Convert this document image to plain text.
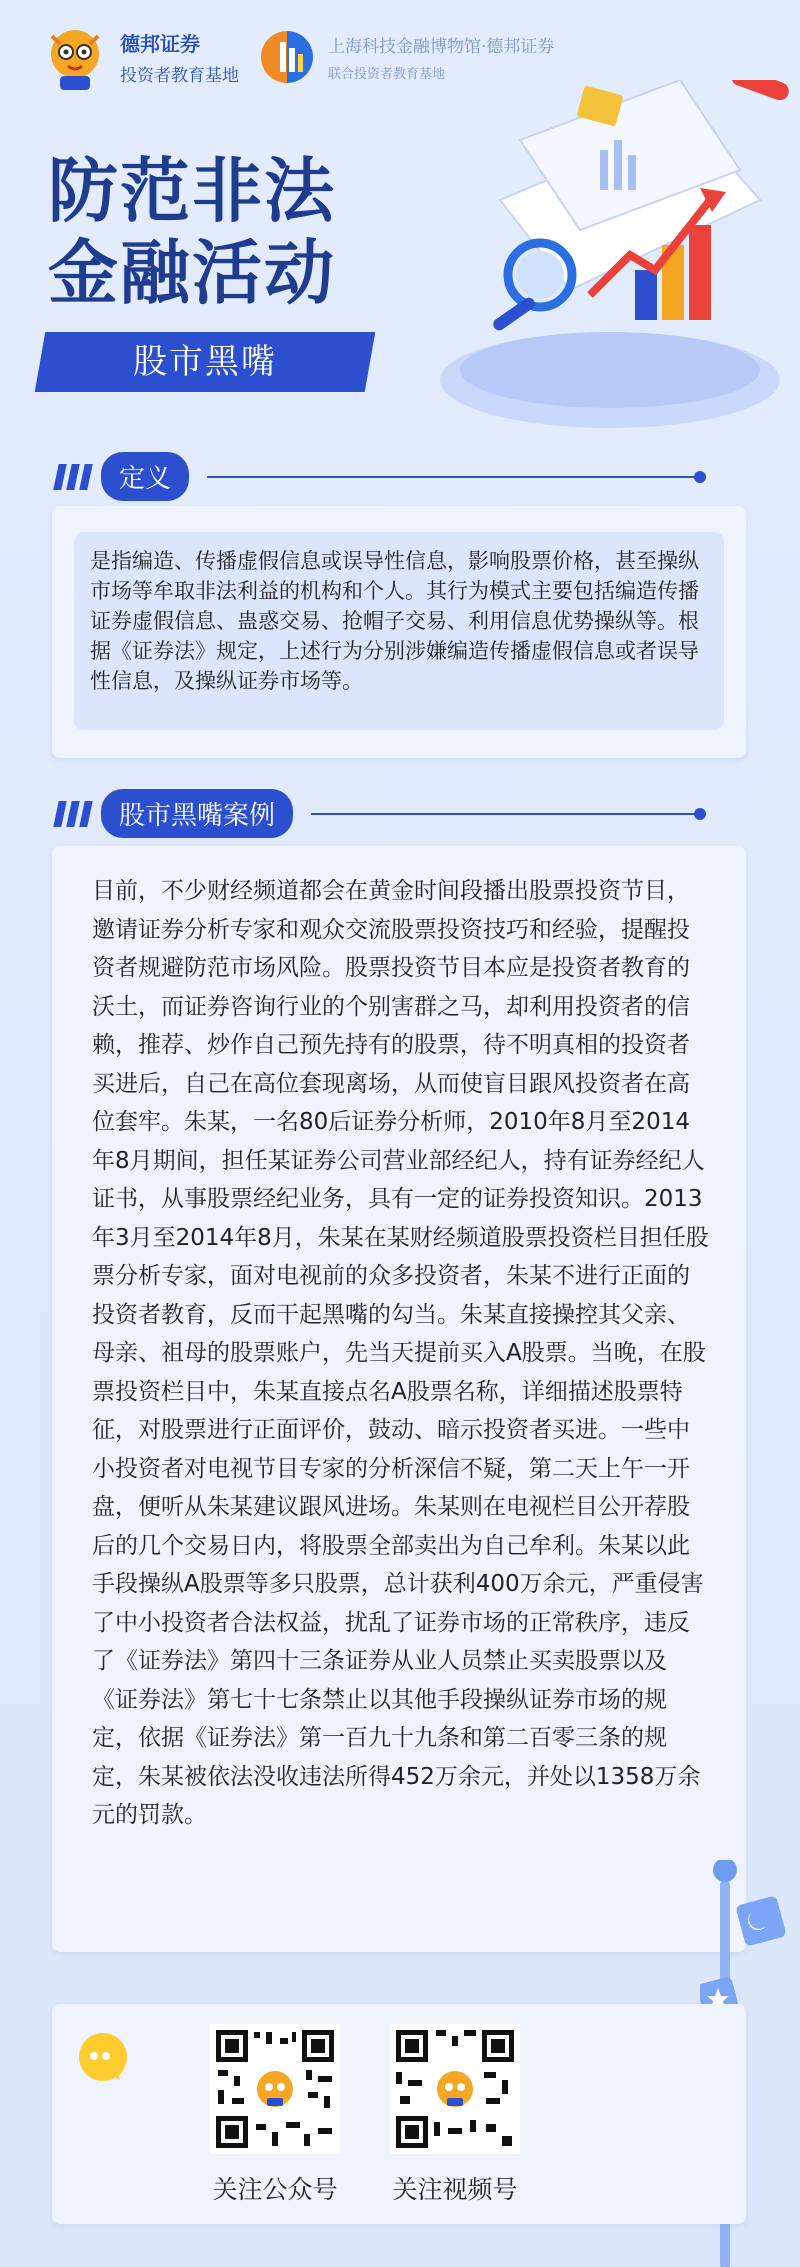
德邦证券
投资者教育基地
上海科技金融博物馆·德邦证券
联合投资者教育基地
防范非法
金融活动
股市黑嘴
定义
是指编造、传播虚假信息或误导性信息，影响股票价格，甚至操纵市场等牟取非法利益的机构和个人。其行为模式主要包括编造传播证券虚假信息、蛊惑交易、抢帽子交易、利用信息优势操纵等。根据《证券法》规定，上述行为分别涉嫌编造传播虚假信息或者误导性信息，及操纵证券市场等。
股市黑嘴案例
目前，不少财经频道都会在黄金时间段播出股票投资节目，邀请证券分析专家和观众交流股票投资技巧和经验，提醒投资者规避防范市场风险。股票投资节目本应是投资者教育的沃土，而证券咨询行业的个别害群之马，却利用投资者的信赖，推荐、炒作自己预先持有的股票，待不明真相的投资者买进后，自己在高位套现离场，从而使盲目跟风投资者在高位套牢。朱某，一名80后证券分析师，2010年8月至2014年8月期间，担任某证券公司营业部经纪人，持有证券经纪人证书，从事股票经纪业务，具有一定的证券投资知识。2013年3月至2014年8月，朱某在某财经频道股票投资栏目担任股票分析专家，面对电视前的众多投资者，朱某不进行正面的投资者教育，反而干起黑嘴的勾当。朱某直接操控其父亲、母亲、祖母的股票账户，先当天提前买入A股票。当晚，在股票投资栏目中，朱某直接点名A股票名称，详细描述股票特征，对股票进行正面评价，鼓动、暗示投资者买进。一些中小投资者对电视节目专家的分析深信不疑，第二天上午一开盘，便听从朱某建议跟风进场。朱某则在电视栏目公开荐股后的几个交易日内，将股票全部卖出为自己牟利。朱某以此手段操纵A股票等多只股票，总计获利400万余元，严重侵害了中小投资者合法权益，扰乱了证券市场的正常秩序，违反了《证券法》第四十三条证券从业人员禁止买卖股票以及《证券法》第七十七条禁止以其他手段操纵证券市场的规定，依据《证券法》第一百九十九条和第二百零三条的规定，朱某被依法没收违法所得452万余元，并处以1358万余元的罚款。
关注公众号	关注视频号
